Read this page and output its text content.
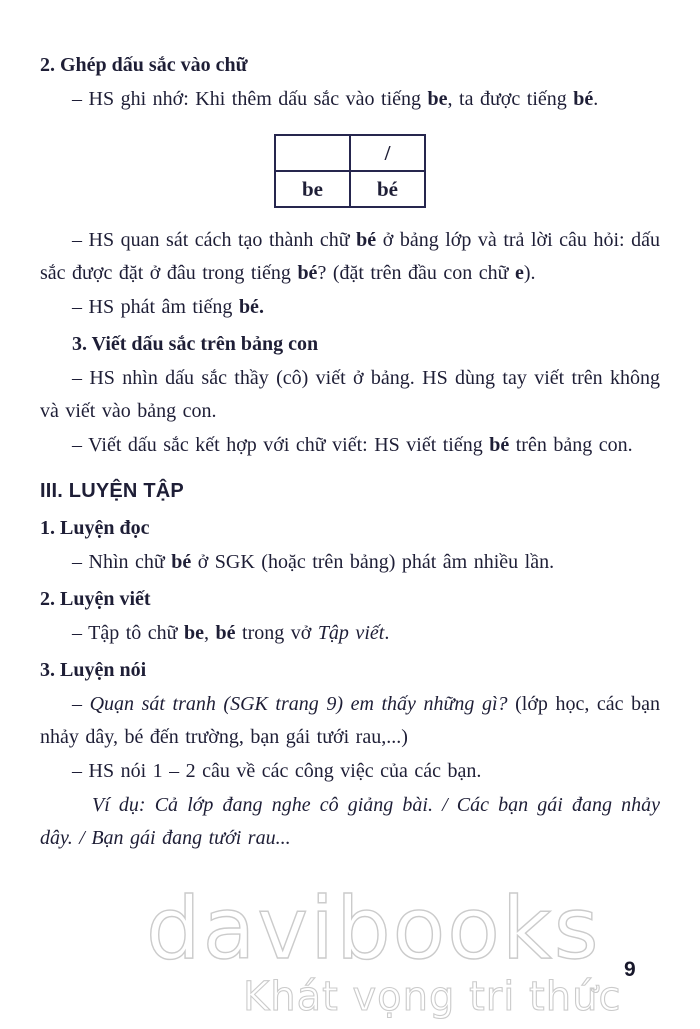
2. Ghép dấu sắc vào chữ
– HS ghi nhớ: Khi thêm dấu sắc vào tiếng be, ta được tiếng bé.
	/
be	bé
– HS quan sát cách tạo thành chữ bé ở bảng lớp và trả lời câu hỏi: dấu sắc được đặt ở đâu trong tiếng bé? (đặt trên đầu con chữ e).
– HS phát âm tiếng bé.
3. Viết dấu sắc trên bảng con
– HS nhìn dấu sắc thầy (cô) viết ở bảng. HS dùng tay viết trên không và viết vào bảng con.
– Viết dấu sắc kết hợp với chữ viết: HS viết tiếng bé trên bảng con.
III. LUYỆN TẬP
1. Luyện đọc
– Nhìn chữ bé ở SGK (hoặc trên bảng) phát âm nhiều lần.
2. Luyện viết
– Tập tô chữ be, bé trong vở Tập viết.
3. Luyện nói
– Quạn sát tranh (SGK trang 9) em thấy những gì? (lớp học, các bạn nhảy dây, bé đến trường, bạn gái tưới rau,...)
– HS nói 1 – 2 câu về các công việc của các bạn.
Ví dụ: Cả lớp đang nghe cô giảng bài. / Các bạn gái đang nhảy dây. / Bạn gái đang tưới rau...
davibooks
Khát vọng tri thức
9
